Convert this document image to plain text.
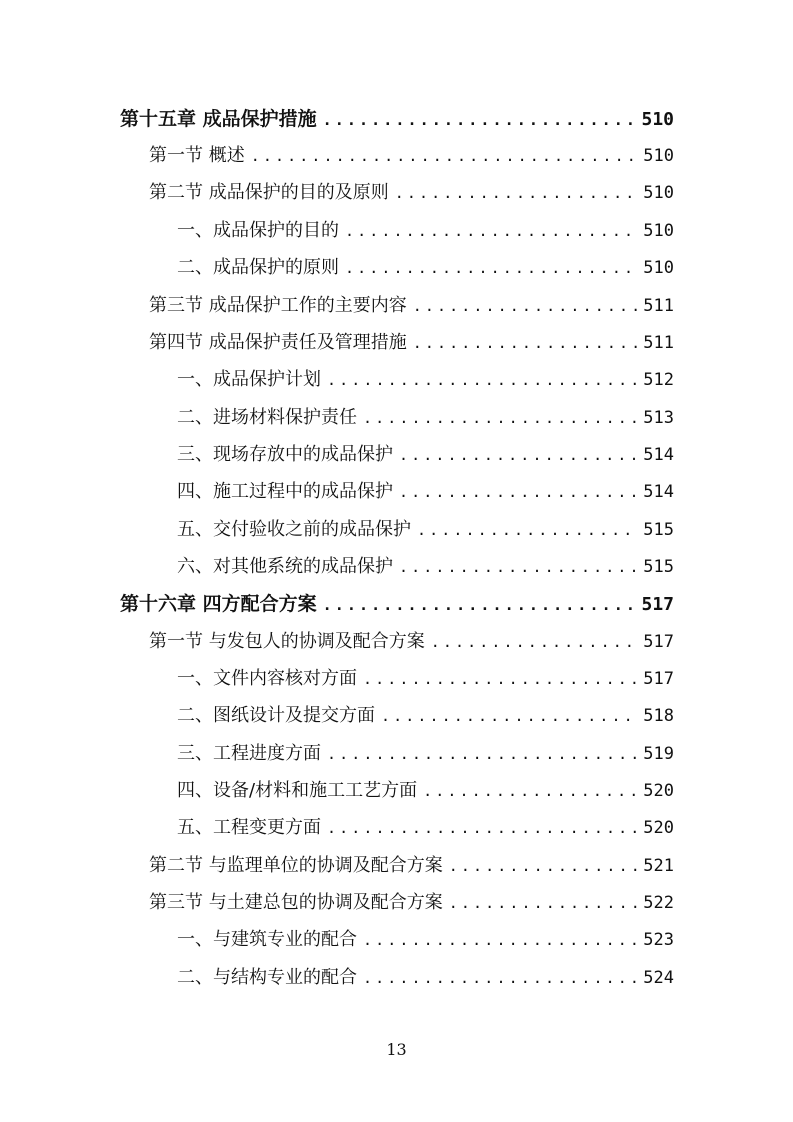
第十五章 成品保护措施 .....	510
第一节 概述 .....	510
第二节 成品保护的目的及原则 .....	510
一、成品保护的目的 .....	510
二、成品保护的原则 .....	510
第三节 成品保护工作的主要内容 .....	511
第四节 成品保护责任及管理措施 .....	511
一、成品保护计划 .....	512
二、进场材料保护责任 .....	513
三、现场存放中的成品保护 .....	514
四、施工过程中的成品保护 .....	514
五、交付验收之前的成品保护 .....	515
六、对其他系统的成品保护 .....	515
第十六章 四方配合方案 .....	517
第一节 与发包人的协调及配合方案 .....	517
一、文件内容核对方面 .....	517
二、图纸设计及提交方面 .....	518
三、工程进度方面 .....	519
四、设备/材料和施工工艺方面 .....	520
五、工程变更方面 .....	520
第二节 与监理单位的协调及配合方案 .....	521
第三节 与土建总包的协调及配合方案 .....	522
一、与建筑专业的配合 .....	523
二、与结构专业的配合 .....	524
13
